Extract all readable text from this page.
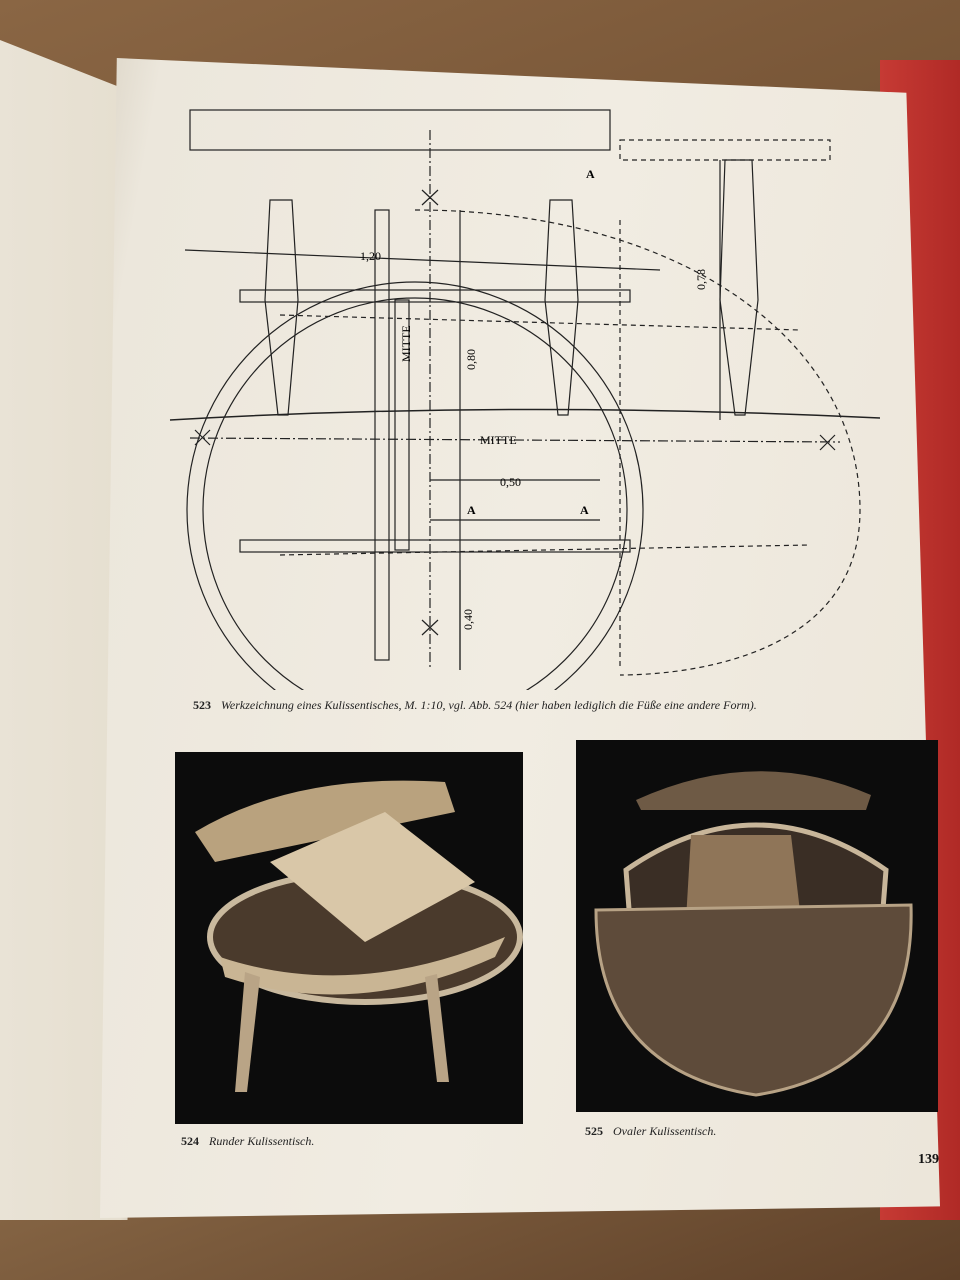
MITTE
MITTE
1,20
0,78
0,80
0,50
0,40
A
A	A
523 Werkzeichnung eines Kulissentisches, M. 1:10, vgl. Abb. 524 (hier haben lediglich die Füße eine andere Form).
524 Runder Kulissentisch.
525 Ovaler Kulissentisch.
139
